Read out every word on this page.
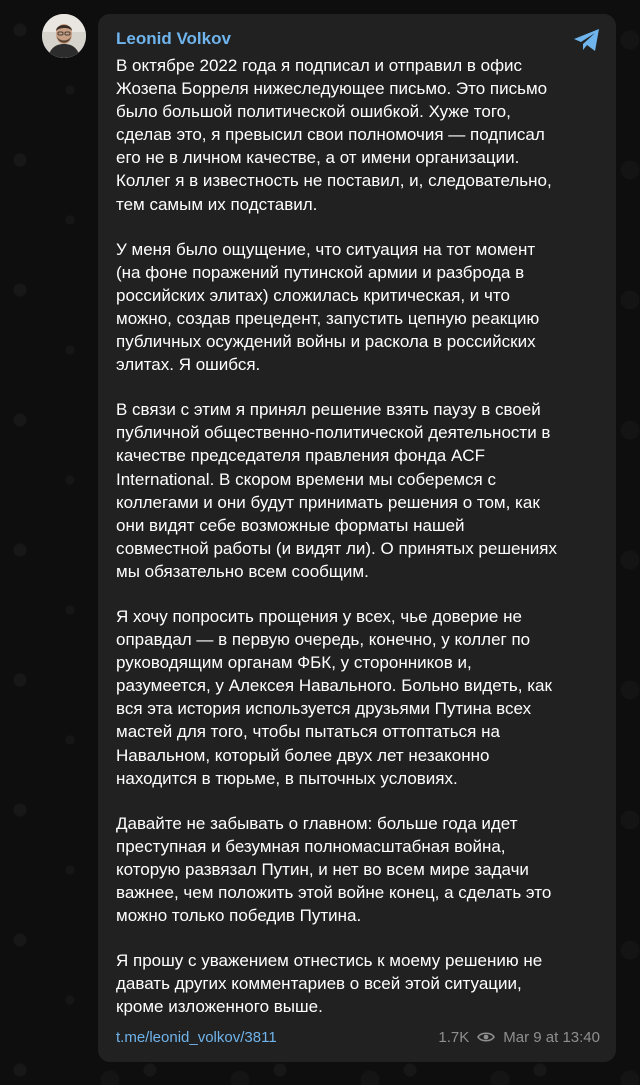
Leonid Volkov

В октябре 2022 года я подписал и отправил в офис
Жозепа Борреля нижеследующее письмо. Это письмо
было большой политической ошибкой. Хуже того,
сделав это, я превысил свои полномочия — подписал
его не в личном качестве, а от имени организации.
Коллег я в известность не поставил, и, следовательно,
тем самым их подставил.

У меня было ощущение, что ситуация на тот момент
(на фоне поражений путинской армии и разброда в
российских элитах) сложилась критическая, и что
можно, создав прецедент, запустить цепную реакцию
публичных осуждений войны и раскола в российских
элитах. Я ошибся.

В связи с этим я принял решение взять паузу в своей
публичной общественно-политической деятельности в
качестве председателя правления фонда ACF
International. В скором времени мы соберемся с
коллегами и они будут принимать решения о том, как
они видят себе возможные форматы нашей
совместной работы (и видят ли). О принятых решениях
мы обязательно всем сообщим.

Я хочу попросить прощения у всех, чье доверие не
оправдал — в первую очередь, конечно, у коллег по
руководящим органам ФБК, у сторонников и,
разумеется, у Алексея Навального. Больно видеть, как
вся эта история используется друзьями Путина всех
мастей для того, чтобы пытаться оттоптаться на
Навальном, который более двух лет незаконно
находится в тюрьме, в пыточных условиях.

Давайте не забывать о главном: больше года идет
преступная и безумная полномасштабная война,
которую развязал Путин, и нет во всем мире задачи
важнее, чем положить этой войне конец, а сделать это
можно только победив Путина.

Я прошу с уважением отнестись к моему решению не
давать других комментариев о всей этой ситуации,
кроме изложенного выше.

t.me/leonid_volkov/3811	1.7K Mar 9 at 13:40
